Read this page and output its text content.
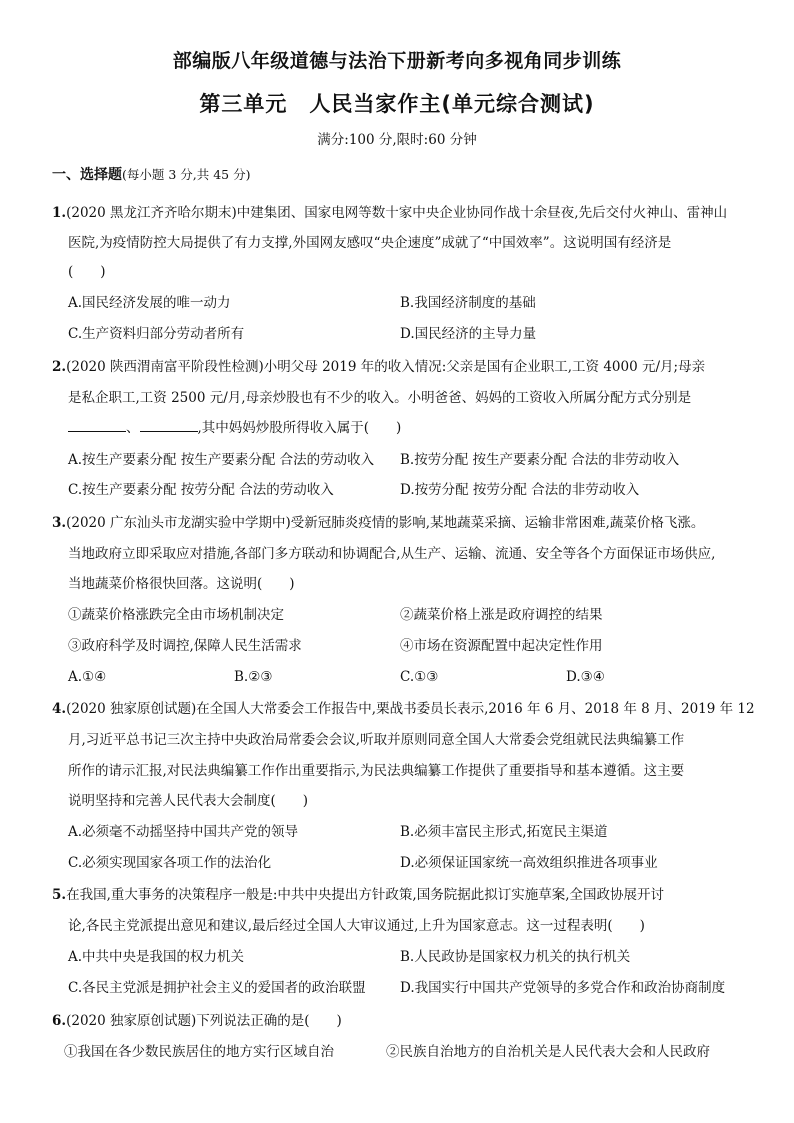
部编版八年级道德与法治下册新考向多视角同步训练
第三单元　人民当家作主(单元综合测试)
满分:100 分,限时:60 分钟
一、选择题(每小题 3 分,共 45 分)
1.(2020 黑龙江齐齐哈尔期末)中建集团、国家电网等数十家中央企业协同作战十余昼夜,先后交付火神山、雷神山
医院,为疫情防控大局提供了有力支撑,外国网友感叹“央企速度”成就了“中国效率”。这说明国有经济是
(　　)
A.国民经济发展的唯一动力	B.我国经济制度的基础
C.生产资料归部分劳动者所有	D.国民经济的主导力量
2.(2020 陕西渭南富平阶段性检测)小明父母 2019 年的收入情况:父亲是国有企业职工,工资 4000 元/月;母亲
是私企职工,工资 2500 元/月,母亲炒股也有不少的收入。小明爸爸、妈妈的工资收入所属分配方式分别是
、	,其中妈妈炒股所得收入属于(　　)
A.按生产要素分配 按生产要素分配 合法的劳动收入 B.按劳分配 按生产要素分配 合法的非劳动收入
C.按生产要素分配 按劳分配 合法的劳动收入	D.按劳分配 按劳分配 合法的非劳动收入
3.(2020 广东汕头市龙湖实验中学期中)受新冠肺炎疫情的影响,某地蔬菜采摘、运输非常困难,蔬菜价格飞涨。
当地政府立即采取应对措施,各部门多方联动和协调配合,从生产、运输、流通、安全等各个方面保证市场供应,
当地蔬菜价格很快回落。这说明(　　)
①蔬菜价格涨跌完全由市场机制决定	②蔬菜价格上涨是政府调控的结果
③政府科学及时调控,保障人民生活需求	④市场在资源配置中起决定性作用
A.①④	B.②③	C.①③	D.③④
4.(2020 独家原创试题)在全国人大常委会工作报告中,栗战书委员长表示,2016 年 6 月、2018 年 8 月、2019 年 12
月,习近平总书记三次主持中央政治局常委会会议,听取并原则同意全国人大常委会党组就民法典编纂工作
所作的请示汇报,对民法典编纂工作作出重要指示,为民法典编纂工作提供了重要指导和基本遵循。这主要
说明坚持和完善人民代表大会制度(　　)
A.必须毫不动摇坚持中国共产党的领导	B.必须丰富民主形式,拓宽民主渠道
C.必须实现国家各项工作的法治化	D.必须保证国家统一高效组织推进各项事业
5.在我国,重大事务的决策程序一般是:中共中央提出方针政策,国务院据此拟订实施草案,全国政协展开讨
论,各民主党派提出意见和建议,最后经过全国人大审议通过,上升为国家意志。这一过程表明(　　)
A.中共中央是我国的权力机关	B.人民政协是国家权力机关的执行机关
C.各民主党派是拥护社会主义的爱国者的政治联盟	D.我国实行中国共产党领导的多党合作和政治协商制度
6.(2020 独家原创试题)下列说法正确的是(　　)
①我国在各少数民族居住的地方实行区域自治	②民族自治地方的自治机关是人民代表大会和人民政府
